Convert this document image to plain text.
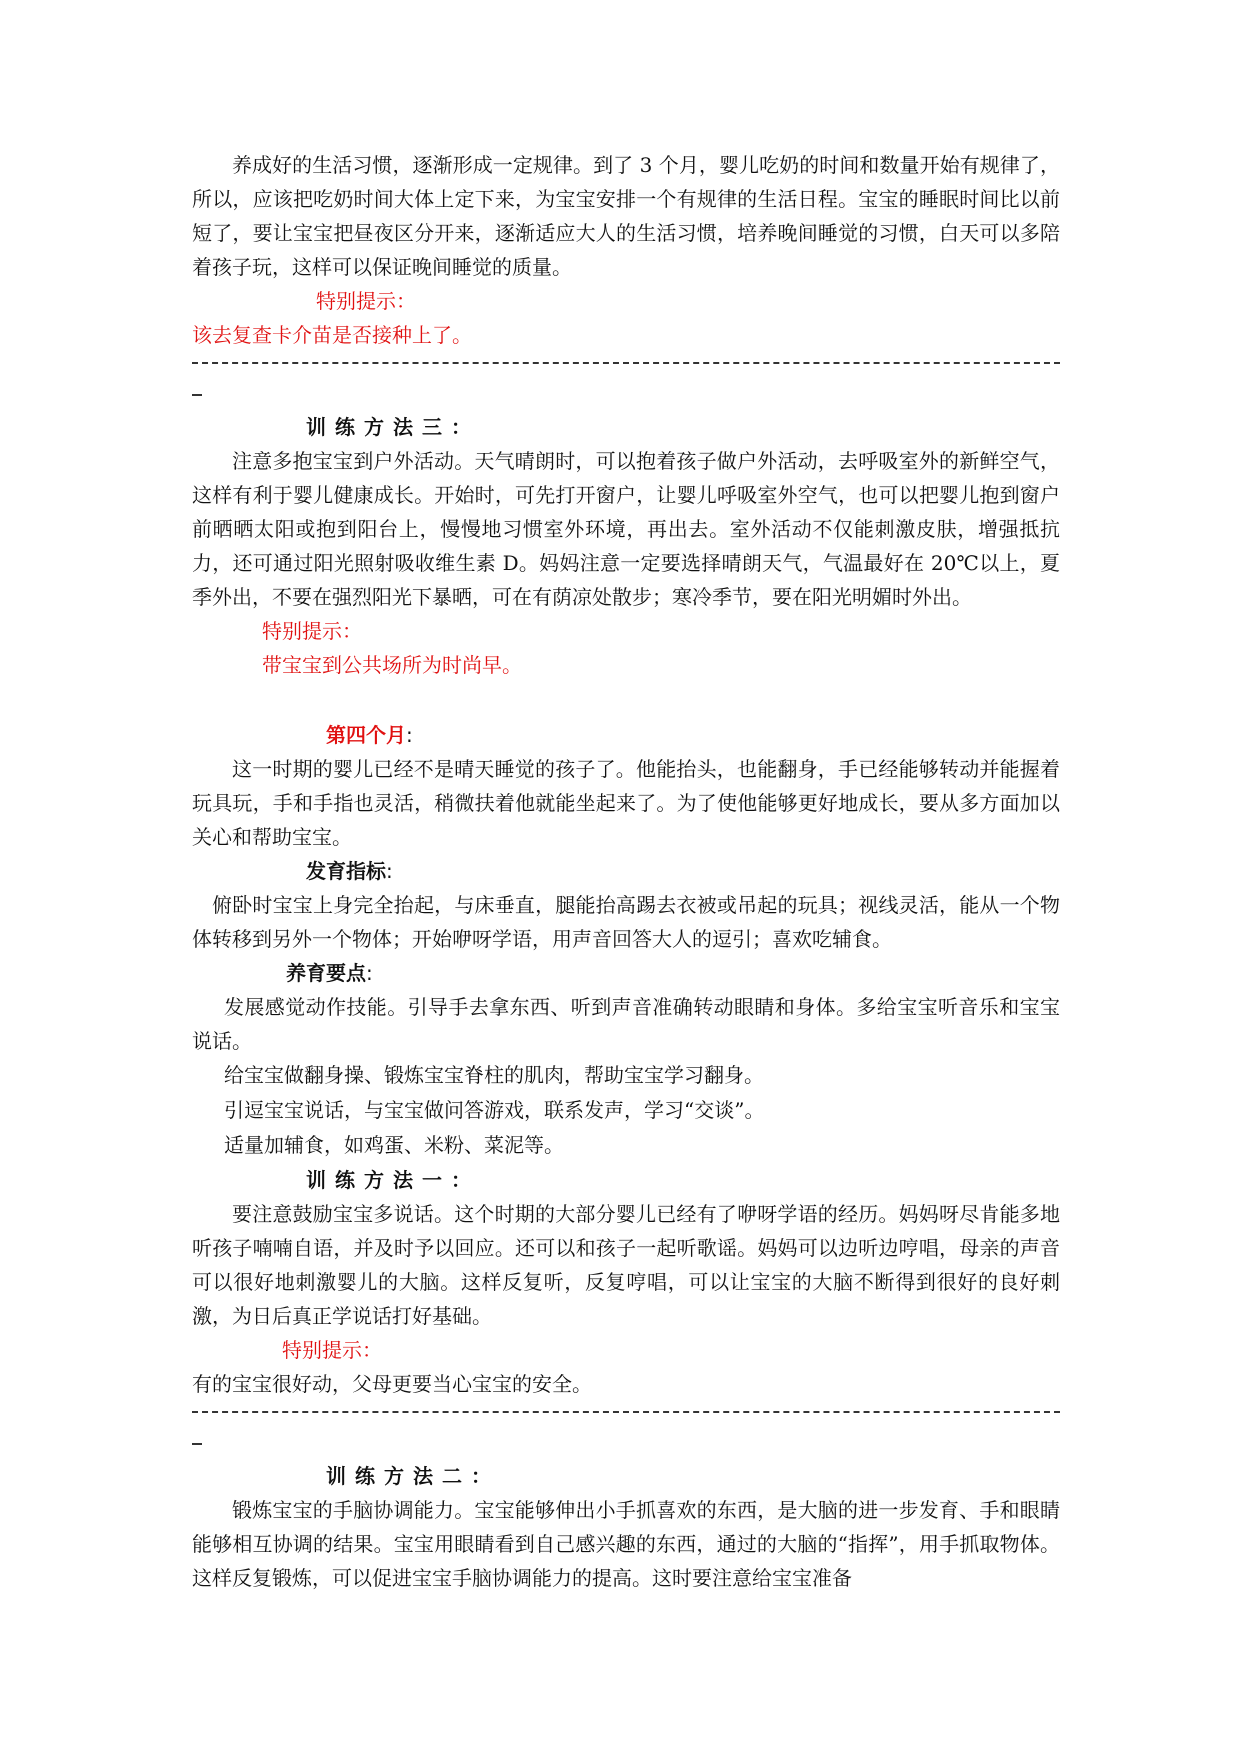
养成好的生活习惯，逐渐形成一定规律。到了 3 个月，婴儿吃奶的时间和数量开始有规律了，所以，应该把吃奶时间大体上定下来，为宝宝安排一个有规律的生活日程。宝宝的睡眠时间比以前短了，要让宝宝把昼夜区分开来，逐渐适应大人的生活习惯，培养晚间睡觉的习惯，白天可以多陪着孩子玩，这样可以保证晚间睡觉的质量。

特别提示：

该去复查卡介苗是否接种上了。

训练方法三：

注意多抱宝宝到户外活动。天气晴朗时，可以抱着孩子做户外活动，去呼吸室外的新鲜空气，这样有利于婴儿健康成长。开始时，可先打开窗户，让婴儿呼吸室外空气，也可以把婴儿抱到窗户前晒晒太阳或抱到阳台上，慢慢地习惯室外环境，再出去。室外活动不仅能刺激皮肤，增强抵抗力，还可通过阳光照射吸收维生素 D。妈妈注意一定要选择晴朗天气，气温最好在 20℃以上，夏季外出，不要在强烈阳光下暴晒，可在有荫凉处散步；寒冷季节，要在阳光明媚时外出。

特别提示：

带宝宝到公共场所为时尚早。

第四个月:

这一时期的婴儿已经不是晴天睡觉的孩子了。他能抬头，也能翻身，手已经能够转动并能握着玩具玩，手和手指也灵活，稍微扶着他就能坐起来了。为了使他能够更好地成长，要从多方面加以关心和帮助宝宝。

发育指标:

俯卧时宝宝上身完全抬起，与床垂直，腿能抬高踢去衣被或吊起的玩具；视线灵活，能从一个物体转移到另外一个物体；开始咿呀学语，用声音回答大人的逗引；喜欢吃辅食。

养育要点:

发展感觉动作技能。引导手去拿东西、听到声音准确转动眼睛和身体。多给宝宝听音乐和宝宝说话。

给宝宝做翻身操、锻炼宝宝脊柱的肌肉，帮助宝宝学习翻身。

引逗宝宝说话，与宝宝做问答游戏，联系发声，学习“交谈”。

适量加辅食，如鸡蛋、米粉、菜泥等。

训练方法一：

要注意鼓励宝宝多说话。这个时期的大部分婴儿已经有了咿呀学语的经历。妈妈呀尽肯能多地听孩子喃喃自语，并及时予以回应。还可以和孩子一起听歌谣。妈妈可以边听边哼唱，母亲的声音可以很好地刺激婴儿的大脑。这样反复听，反复哼唱，可以让宝宝的大脑不断得到很好的良好刺激，为日后真正学说话打好基础。

特别提示：

有的宝宝很好动，父母更要当心宝宝的安全。

训练方法二：

锻炼宝宝的手脑协调能力。宝宝能够伸出小手抓喜欢的东西，是大脑的进一步发育、手和眼睛能够相互协调的结果。宝宝用眼睛看到自己感兴趣的东西，通过的大脑的“指挥”，用手抓取物体。这样反复锻炼，可以促进宝宝手脑协调能力的提高。这时要注意给宝宝准备
